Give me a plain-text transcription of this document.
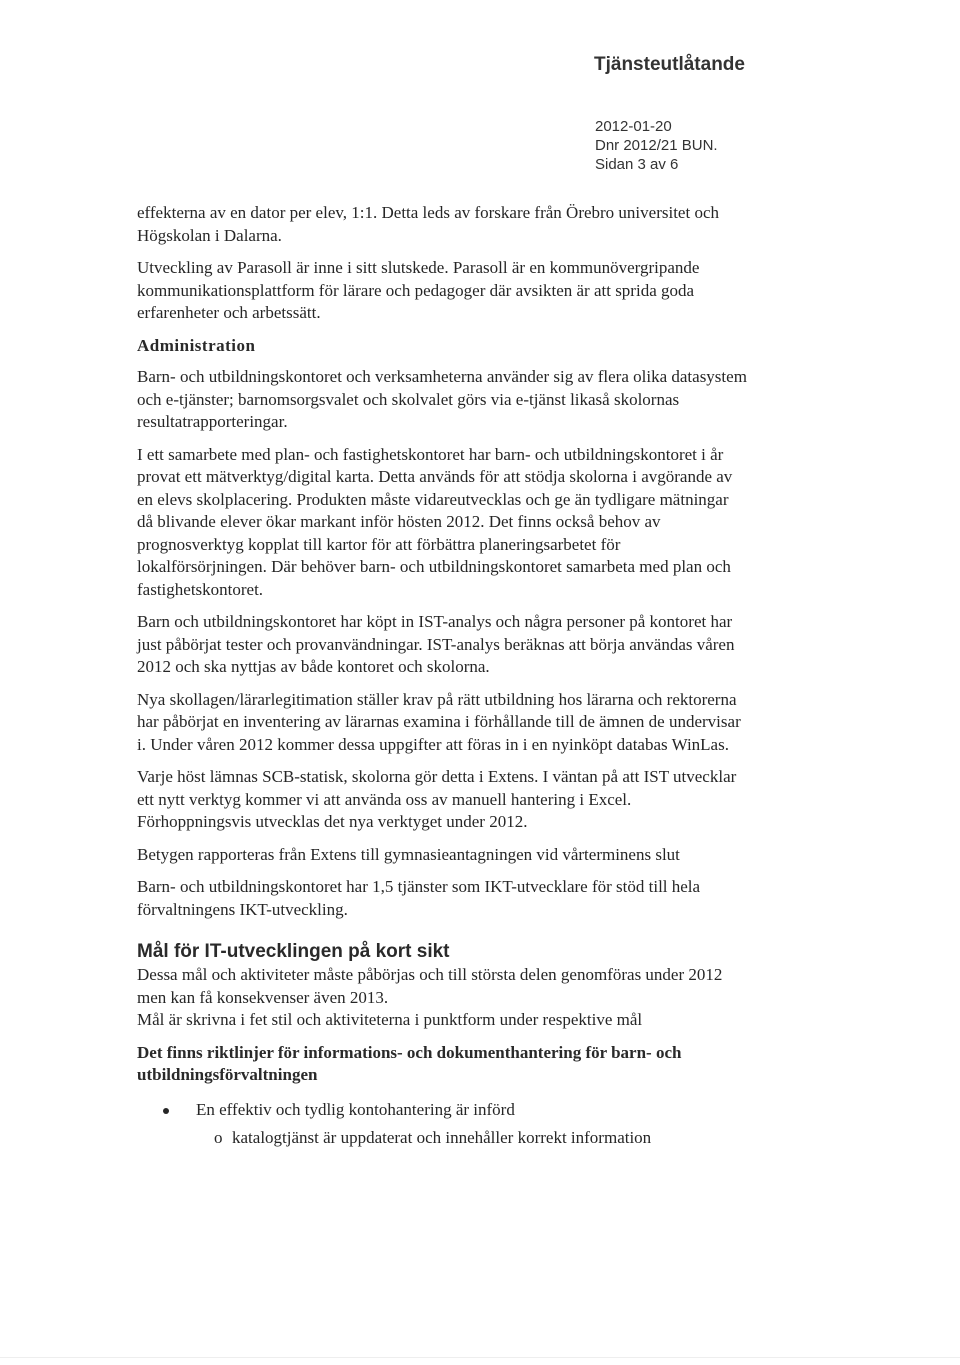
Tjänsteutlåtande
2012-01-20
Dnr 2012/21 BUN.
Sidan 3 av 6

effekterna av en dator per elev, 1:1. Detta leds av forskare från Örebro universitet och Högskolan i Dalarna.

Utveckling av Parasoll är inne i sitt slutskede. Parasoll är en kommunövergripande kommunikationsplattform för lärare och pedagoger där avsikten är att sprida goda erfarenheter och arbetssätt.

Administration

Barn- och utbildningskontoret och verksamheterna använder sig av flera olika datasystem och e-tjänster; barnomsorgsvalet och skolvalet görs via e-tjänst likaså skolornas resultatrapporteringar.

I ett samarbete med plan- och fastighetskontoret har barn- och utbildningskontoret i år provat ett mätverktyg/digital karta. Detta används för att stödja skolorna i avgörande av en elevs skolplacering. Produkten måste vidareutvecklas och ge än tydligare mätningar då blivande elever ökar markant inför hösten 2012. Det finns också behov av prognosverktyg kopplat till kartor för att förbättra planeringsarbetet för lokalförsörjningen. Där behöver barn- och utbildningskontoret samarbeta med plan och fastighetskontoret.

Barn och utbildningskontoret har köpt in IST-analys och några personer på kontoret har just påbörjat tester och provanvändningar. IST-analys beräknas att börja användas våren 2012 och ska nyttjas av både kontoret och skolorna.

Nya skollagen/lärarlegitimation ställer krav på rätt utbildning hos lärarna och rektorerna har påbörjat en inventering av lärarnas examina i förhållande till de ämnen de undervisar i. Under våren 2012 kommer dessa uppgifter att föras in i en nyinköpt databas WinLas.

Varje höst lämnas SCB-statisk, skolorna gör detta i Extens. I väntan på att IST utvecklar ett nytt verktyg kommer vi att använda oss av manuell hantering i Excel. Förhoppningsvis utvecklas det nya verktyget under 2012.

Betygen rapporteras från Extens till gymnasieantagningen vid vårterminens slut

Barn- och utbildningskontoret har 1,5 tjänster som IKT-utvecklare för stöd till hela förvaltningens IKT-utveckling.

Mål för IT-utvecklingen på kort sikt

Dessa mål och aktiviteter måste påbörjas och till största delen genomföras under 2012 men kan få konsekvenser även 2013.

Mål är skrivna i fet stil och aktiviteterna i punktform under respektive mål

Det finns riktlinjer för informations- och dokumenthantering för barn- och utbildningsförvaltningen
En effektiv och tydlig kontohantering är införd
o katalogtjänst är uppdaterat och innehåller korrekt information
